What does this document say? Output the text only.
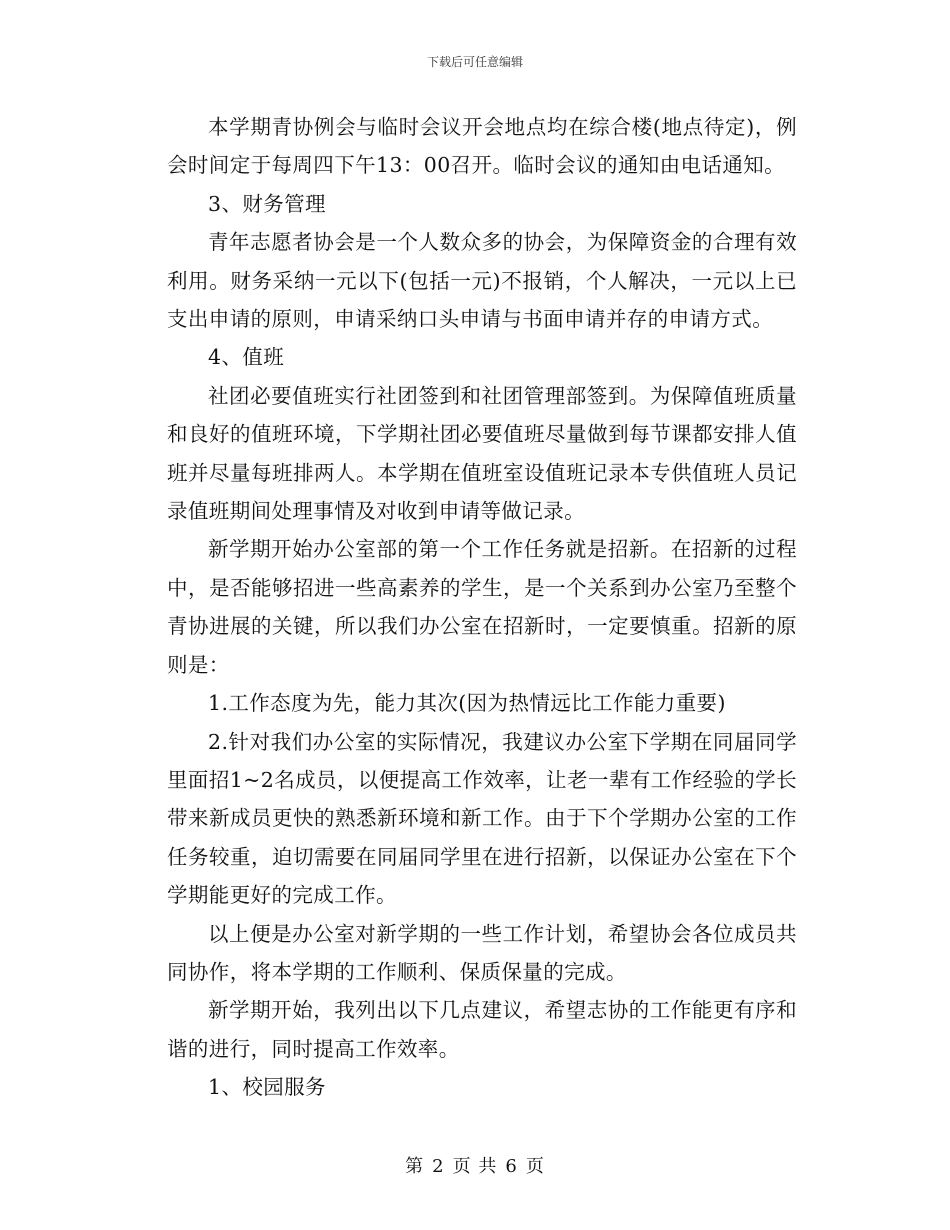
下载后可任意编辑

本学期青协例会与临时会议开会地点均在综合楼(地点待定)，例会时间定于每周四下午13：00召开。临时会议的通知由电话通知。

3、财务管理

青年志愿者协会是一个人数众多的协会，为保障资金的合理有效利用。财务采纳一元以下(包括一元)不报销，个人解决，一元以上已支出申请的原则，申请采纳口头申请与书面申请并存的申请方式。

4、值班

社团必要值班实行社团签到和社团管理部签到。为保障值班质量和良好的值班环境，下学期社团必要值班尽量做到每节课都安排人值班并尽量每班排两人。本学期在值班室设值班记录本专供值班人员记录值班期间处理事情及对收到申请等做记录。

新学期开始办公室部的第一个工作任务就是招新。在招新的过程中，是否能够招进一些高素养的学生，是一个关系到办公室乃至整个青协进展的关键，所以我们办公室在招新时，一定要慎重。招新的原则是：

1.工作态度为先，能力其次(因为热情远比工作能力重要)

2.针对我们办公室的实际情况，我建议办公室下学期在同届同学里面招1~2名成员，以便提高工作效率，让老一辈有工作经验的学长带来新成员更快的熟悉新环境和新工作。由于下个学期办公室的工作任务较重，迫切需要在同届同学里在进行招新，以保证办公室在下个学期能更好的完成工作。

以上便是办公室对新学期的一些工作计划，希望协会各位成员共同协作，将本学期的工作顺利、保质保量的完成。

新学期开始，我列出以下几点建议，希望志协的工作能更有序和谐的进行，同时提高工作效率。

1、校园服务

第 2 页 共 6 页
